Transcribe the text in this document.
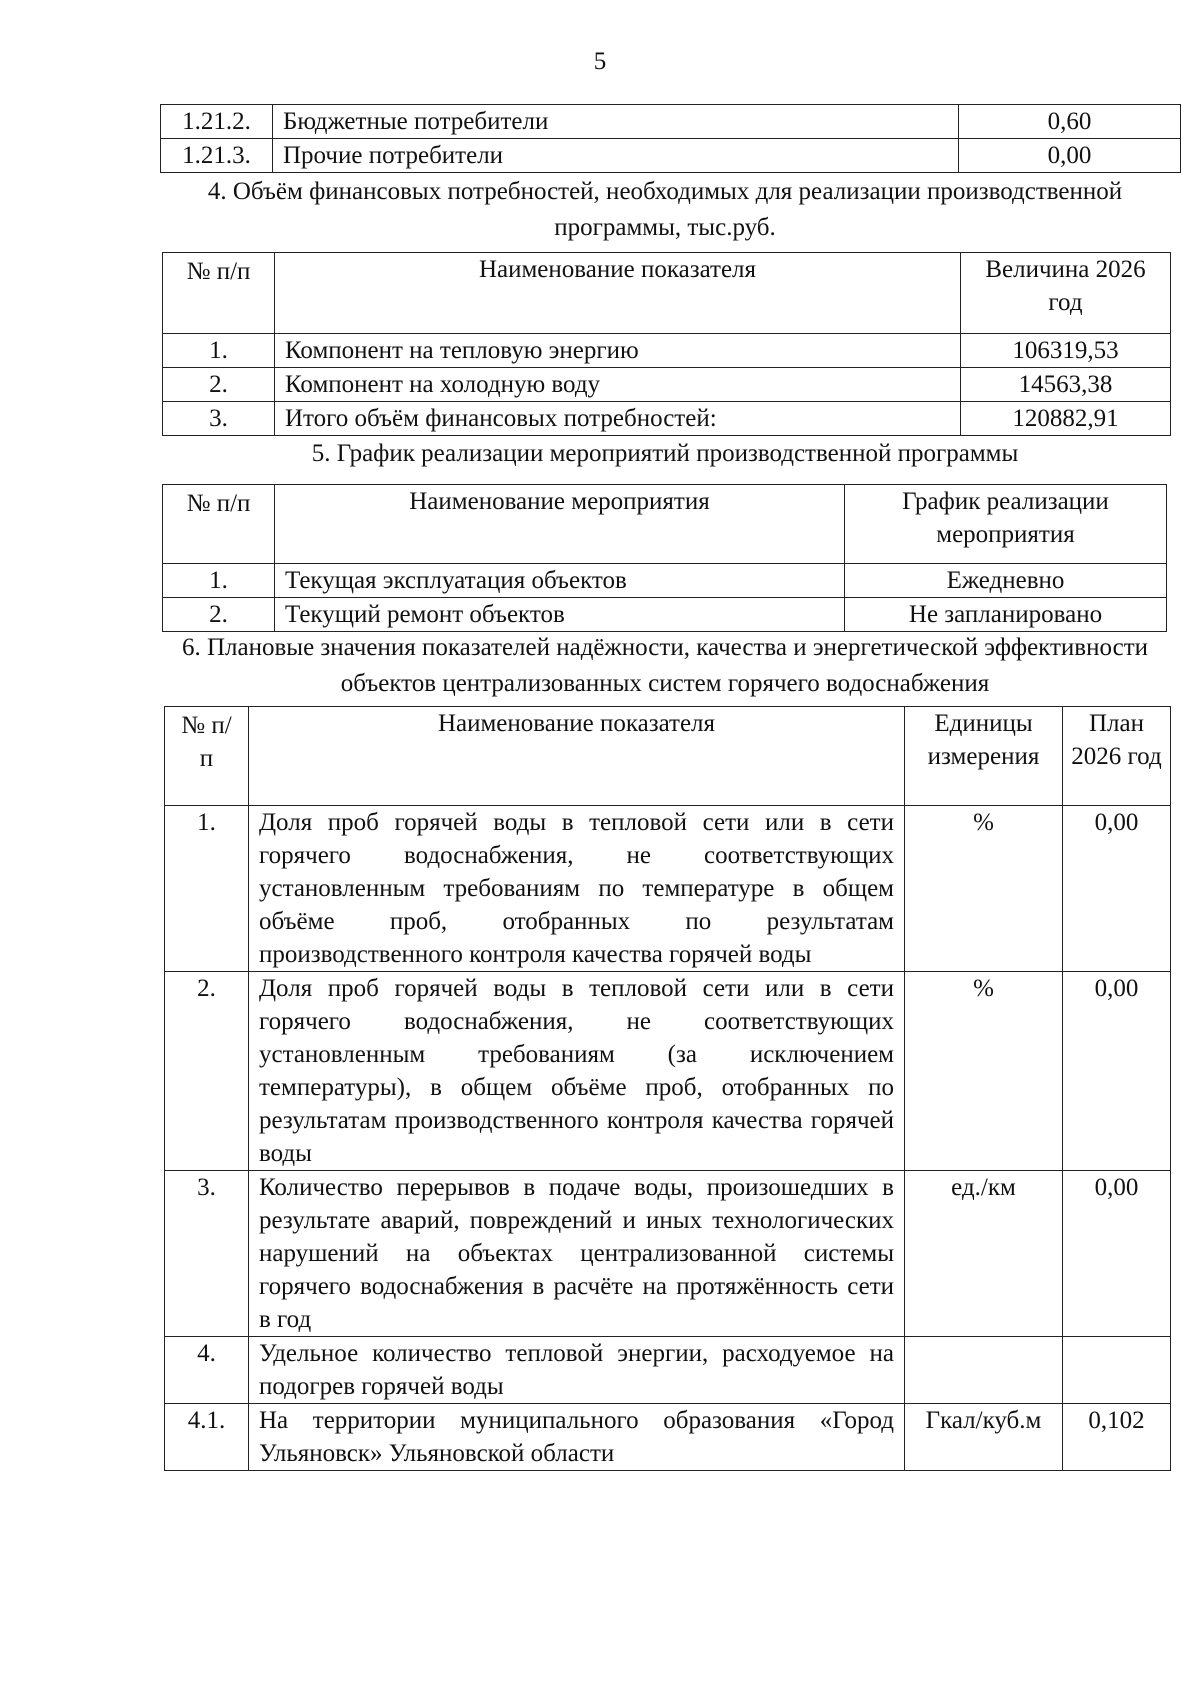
5
1.21.2.	Бюджетные потребители	0,60
1.21.3.	Прочие потребители	0,00
4. Объём финансовых потребностей, необходимых для реализации производственной программы, тыс.руб.
№ п/п	Наименование показателя	Величина 2026 год
1.	Компонент на тепловую энергию	106319,53
2.	Компонент на холодную воду	14563,38
3.	Итого объём финансовых потребностей:	120882,91
5. График реализации мероприятий производственной программы
№ п/п	Наименование мероприятия	График реализации мероприятия
1.	Текущая эксплуатация объектов	Ежедневно
2.	Текущий ремонт объектов	Не запланировано
6. Плановые значения показателей надёжности, качества и энергетической эффективности объектов централизованных систем горячего водоснабжения
№ п/п	Наименование показателя	Единицы измерения	План 2026 год
1.	Доля проб горячей воды в тепловой сети или в сети горячего водоснабжения, не соответствующих установленным требованиям по температуре в общем объёме проб, отобранных по результатам производственного контроля качества горячей воды	%	0,00
2.	Доля проб горячей воды в тепловой сети или в сети горячего водоснабжения, не соответствующих установленным требованиям (за исключением температуры), в общем объёме проб, отобранных по результатам производственного контроля качества горячей воды	%	0,00
3.	Количество перерывов в подаче воды, произошедших в результате аварий, повреждений и иных технологических нарушений на объектах централизованной системы горячего водоснабжения в расчёте на протяжённость сети в год	ед./км	0,00
4.	Удельное количество тепловой энергии, расходуемое на подогрев горячей воды		
4.1.	На территории муниципального образования «Город Ульяновск» Ульяновской области	Гкал/куб.м	0,102
